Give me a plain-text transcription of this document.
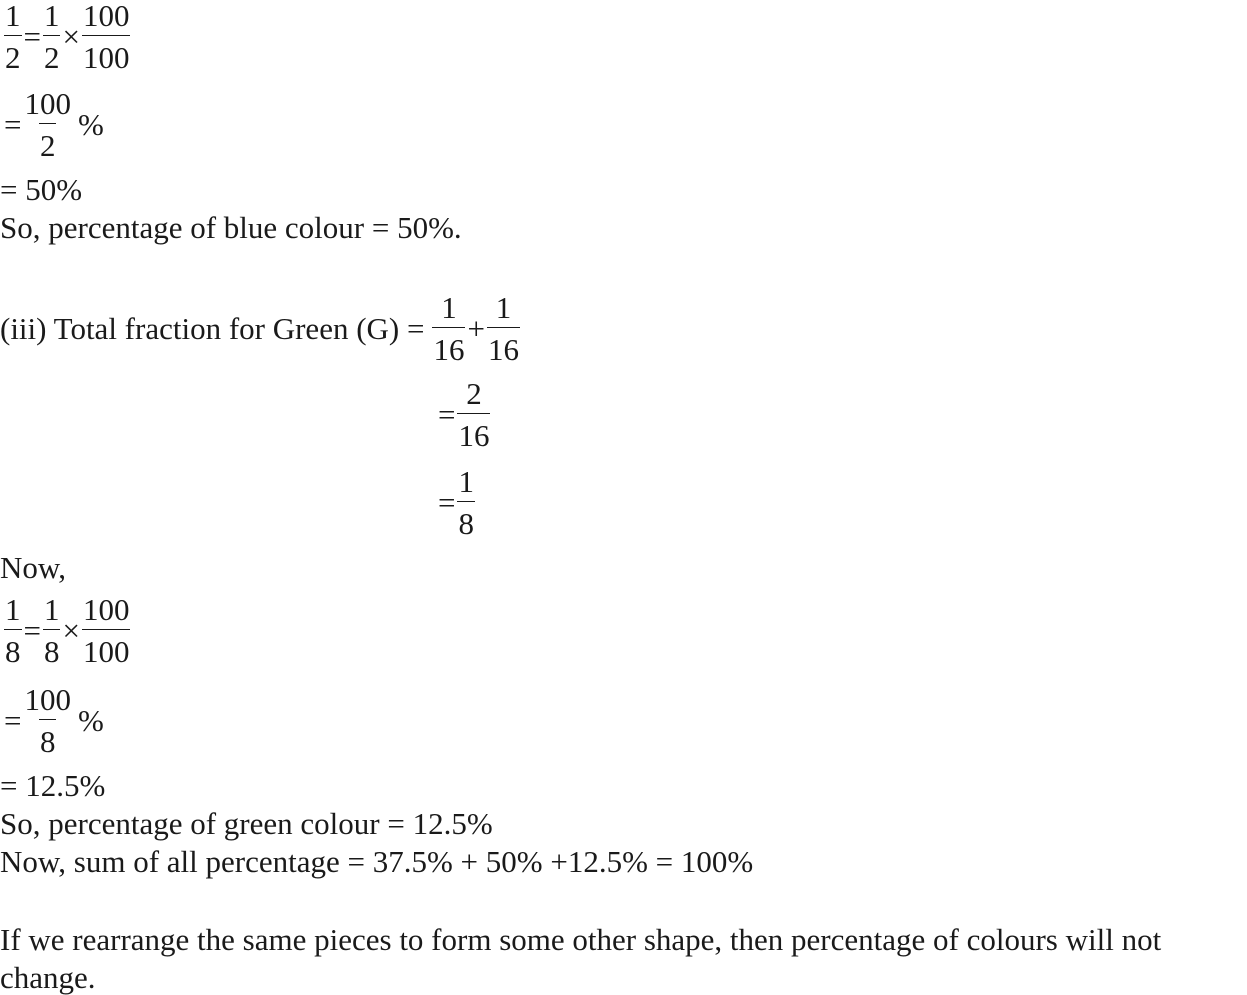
$\frac{1}{2} = \frac{1}{2} \times \frac{100}{100}$
= $\frac{100}{2}$ %
= 50%
So, percentage of blue colour = 50%.
(iii) Total fraction for Green $(G) = \frac{1}{16} + \frac{1}{16}$
= $\frac{2}{16}$
= $\frac{1}{8}$
Now,
$\frac{1}{8} = \frac{1}{8} \times \frac{100}{100}$
= $\frac{100}{8}$ %
= 12.5%
So, percentage of green colour = 12.5%
Now, sum of all percentage = 37.5% + 50% +12.5% = 100%
If we rearrange the same pieces to form some other shape, then percentage of colours will not
change.
